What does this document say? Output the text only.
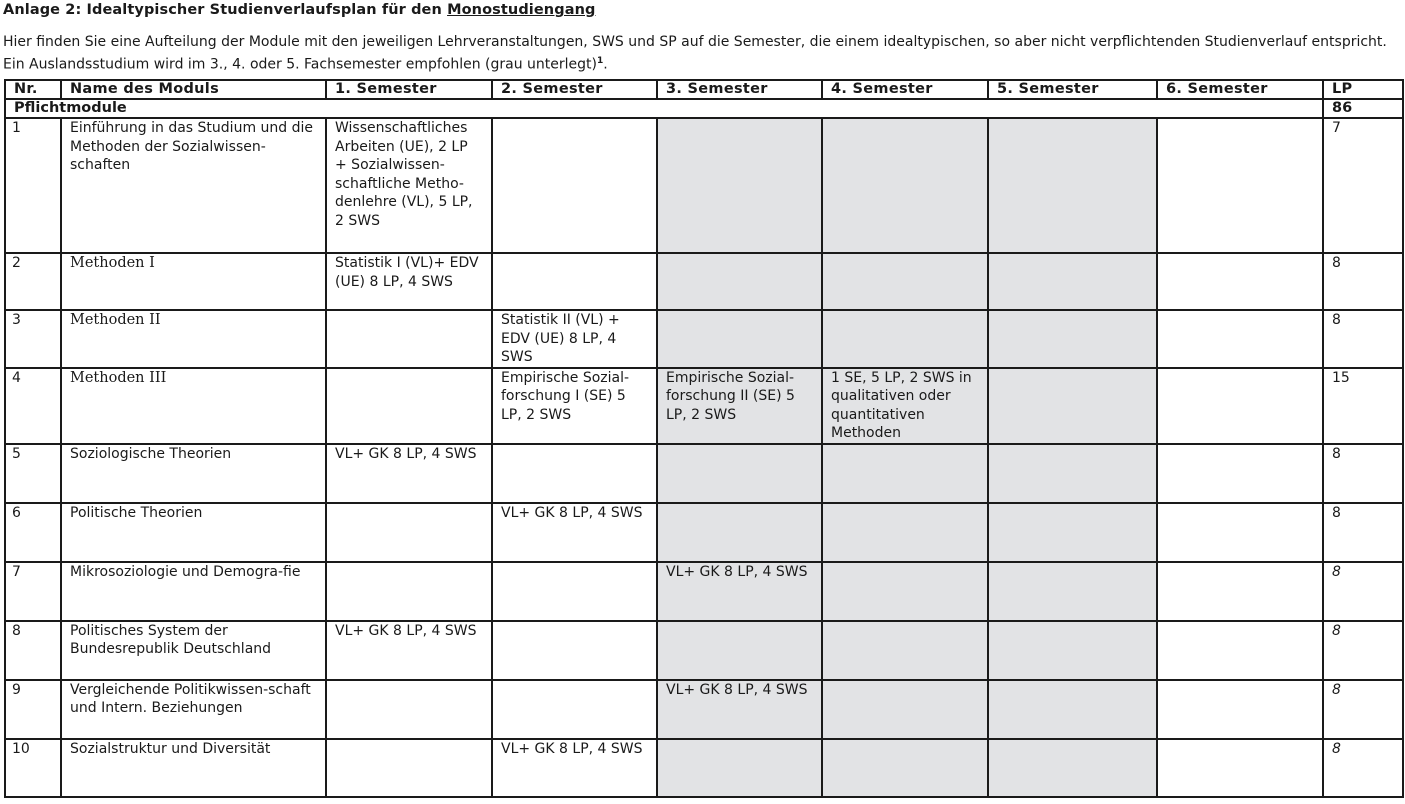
Anlage 2: Idealtypischer Studienverlaufsplan für den Monostudiengang
Hier finden Sie eine Aufteilung der Module mit den jeweiligen Lehrveranstaltungen, SWS und SP auf die Semester, die einem idealtypischen, so aber nicht verpflichtenden Studienverlauf entspricht. Ein Auslandsstudium wird im 3., 4. oder 5. Fachsemester empfohlen (grau unterlegt)$^1$.
Nr.	Name des Moduls	1. Semester	2. Semester	3. Semester	4. Semester	5. Semester	6. Semester	LP
Pflichtmodule								86
1	Einführung in das Studium und die Methoden der Sozialwissen-schaften	Wissenschaftliches Arbeiten (UE), 2 LP + Sozialwissen-schaftliche Metho-denlehre (VL), 5 LP, 2 SWS						7
2	Methoden I	Statistik I (VL)+ EDV (UE) 8 LP, 4 SWS						8
3	Methoden II		Statistik II (VL) + EDV (UE) 8 LP, 4 SWS					8
4	Methoden III		Empirische Sozial-forschung I (SE) 5 LP, 2 SWS	Empirische Sozial-forschung II (SE) 5 LP, 2 SWS	1 SE, 5 LP, 2 SWS in qualitativen oder quantitativen Methoden			15
5	Soziologische Theorien	VL+ GK 8 LP, 4 SWS						8
6	Politische Theorien		VL+ GK 8 LP, 4 SWS					8
7	Mikrosoziologie und Demogra-fie			VL+ GK 8 LP, 4 SWS				8
8	Politisches System der Bundesrepublik Deutschland	VL+ GK 8 LP, 4 SWS						8
9	Vergleichende Politikwissen-schaft und Intern. Beziehungen			VL+ GK 8 LP, 4 SWS				8
10	Sozialstruktur und Diversität		VL+ GK 8 LP, 4 SWS					8
